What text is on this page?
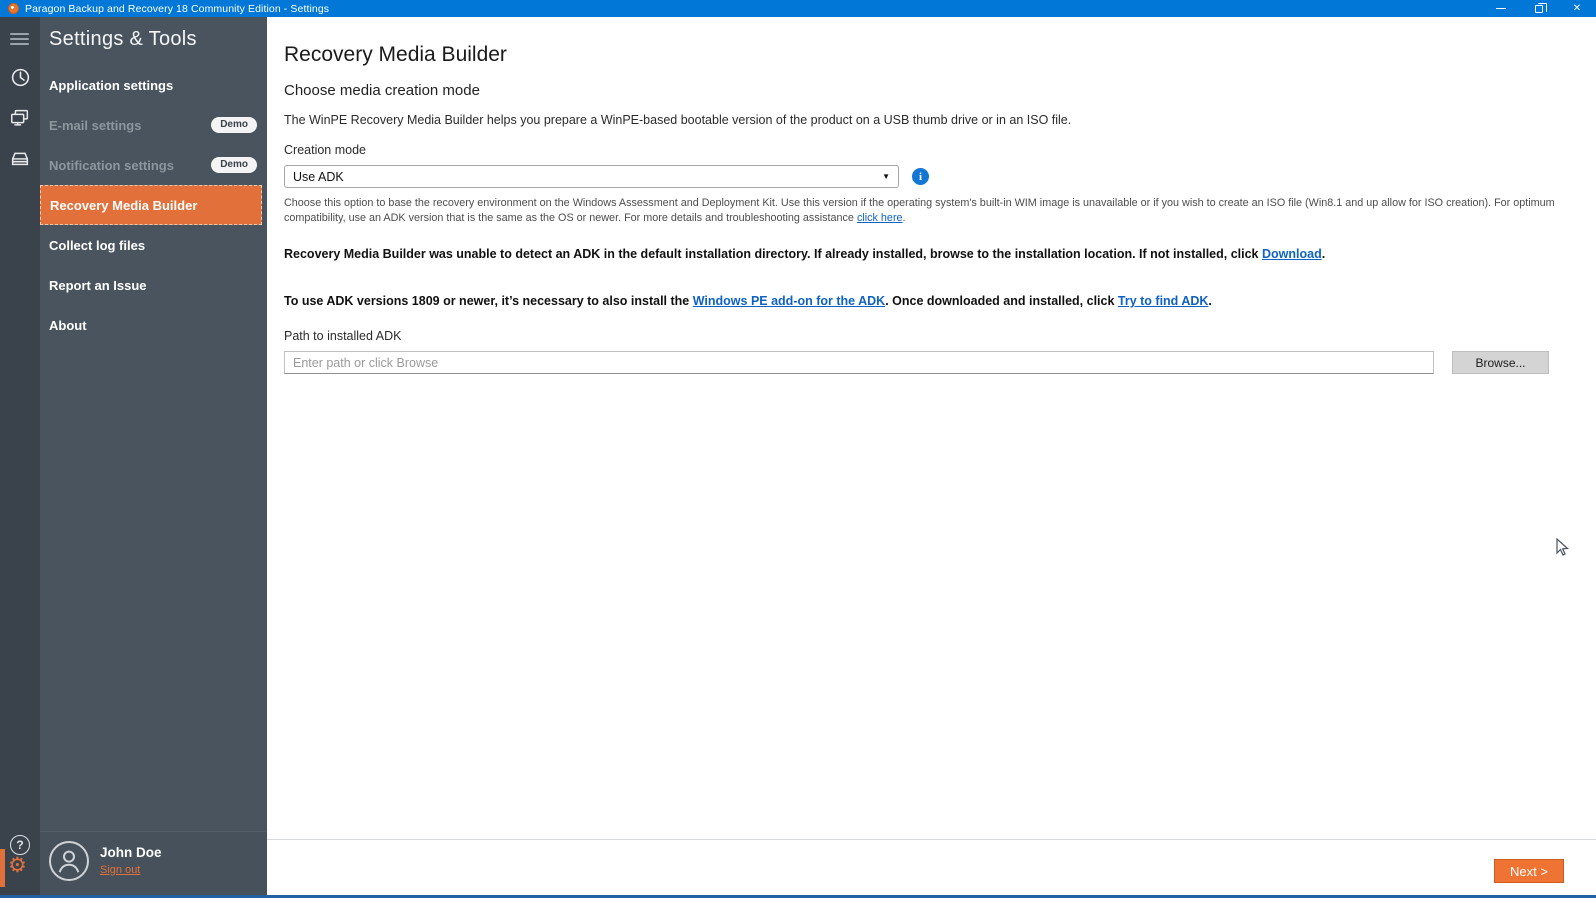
Paragon Backup and Recovery 18 Community Edition - Settings	✕
?
⚙
Settings & Tools
Application settings
E-mail settings	Demo
Notification settings	Demo
Recovery Media Builder
Collect log files
Report an Issue
About
John Doe
Sign out
Recovery Media Builder
Choose media creation mode
The WinPE Recovery Media Builder helps you prepare a WinPE-based bootable version of the product on a USB thumb drive or in an ISO file.
Creation mode
Use ADK	▼	i
Choose this option to base the recovery environment on the Windows Assessment and Deployment Kit. Use this version if the operating system's built-in WIM image is unavailable or if you wish to create an ISO file (Win8.1 and up allow for ISO creation). For optimum compatibility, use an ADK version that is the same as the OS or newer. For more details and troubleshooting assistance click here.
Recovery Media Builder was unable to detect an ADK in the default installation directory. If already installed, browse to the installation location. If not installed, click Download.
To use ADK versions 1809 or newer, it’s necessary to also install the Windows PE add-on for the ADK. Once downloaded and installed, click Try to find ADK.
Path to installed ADK
Enter path or click Browse
Browse...
Next >
